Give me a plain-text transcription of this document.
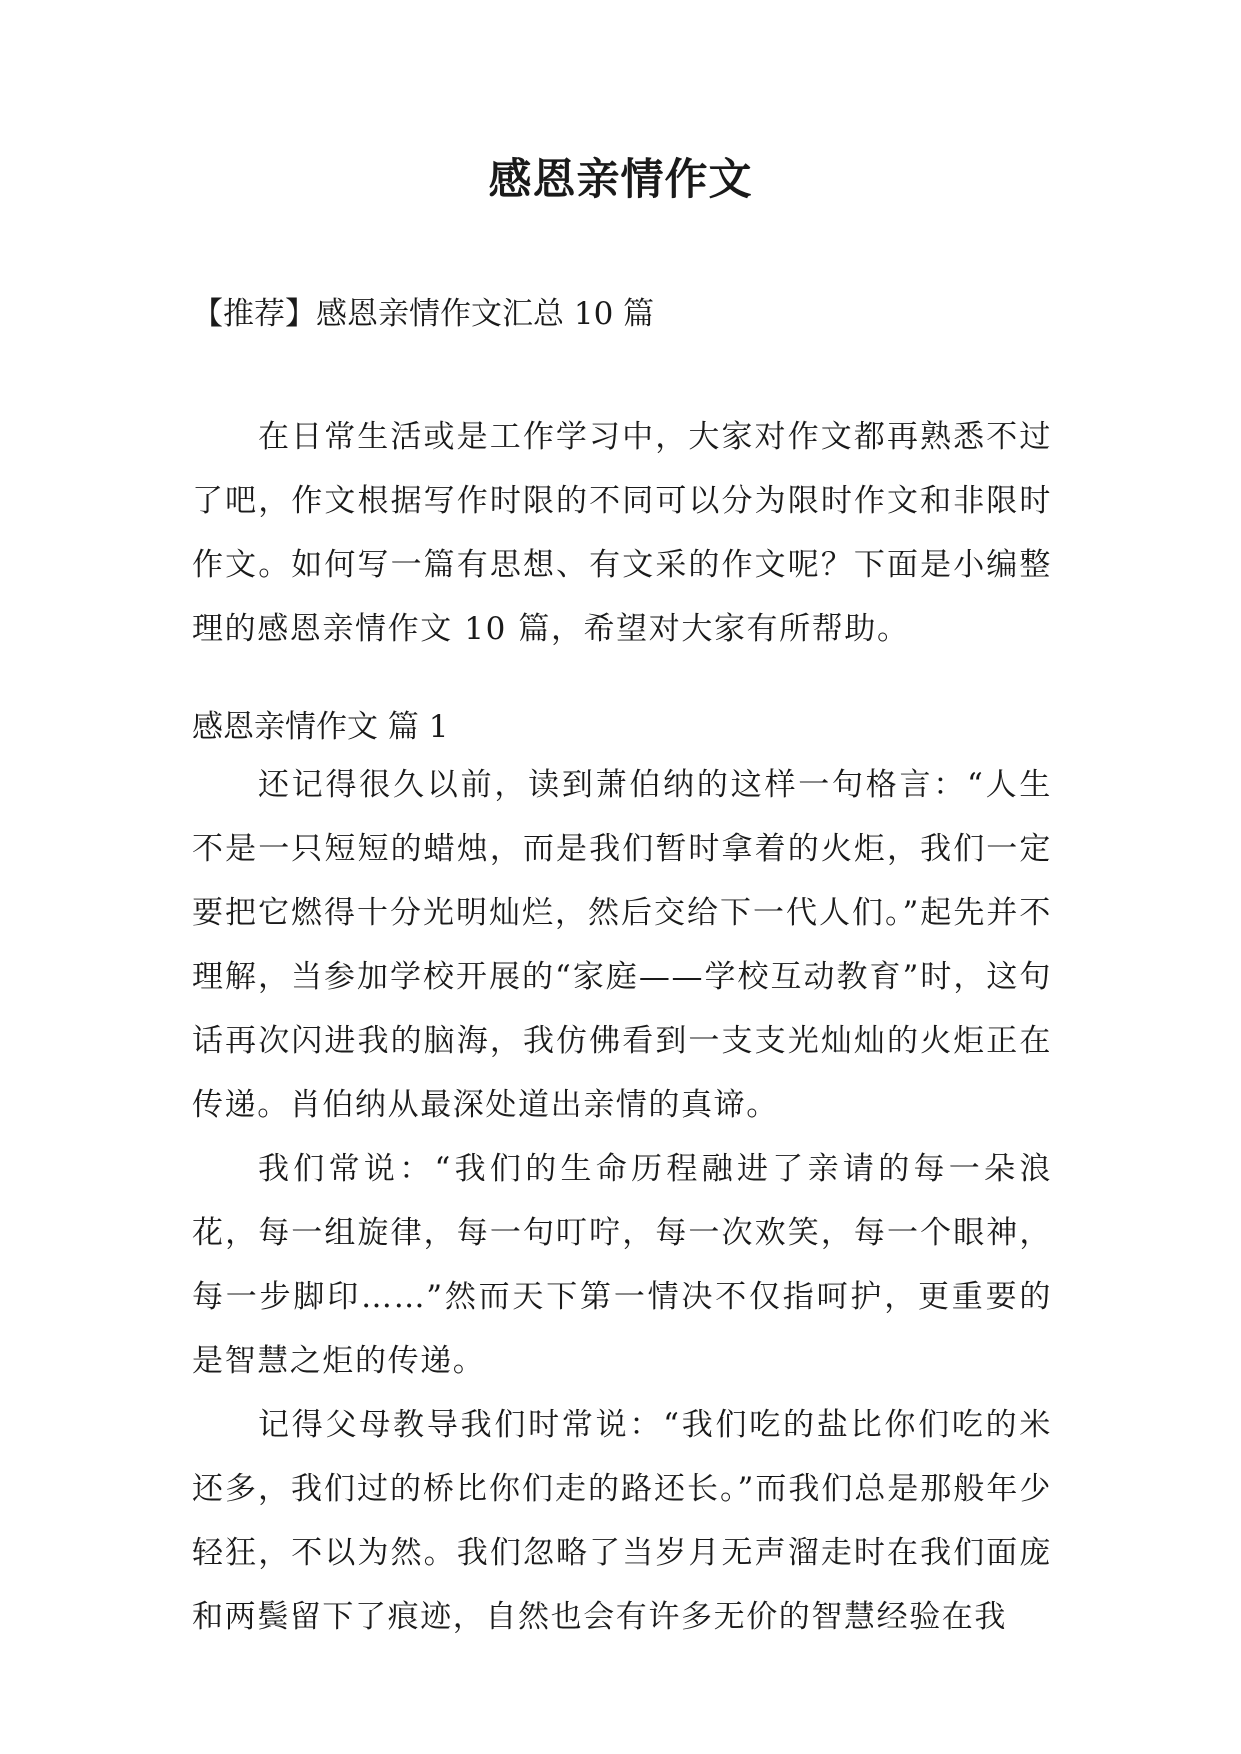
感恩亲情作文
【推荐】感恩亲情作文汇总 10 篇

在日常生活或是工作学习中，大家对作文都再熟悉不过了吧，作文根据写作时限的不同可以分为限时作文和非限时作文。如何写一篇有思想、有文采的作文呢？下面是小编整理的感恩亲情作文 10 篇，希望对大家有所帮助。

感恩亲情作文 篇 1

还记得很久以前，读到萧伯纳的这样一句格言：“人生不是一只短短的蜡烛，而是我们暂时拿着的火炬，我们一定要把它燃得十分光明灿烂，然后交给下一代人们。”起先并不理解，当参加学校开展的“家庭——学校互动教育”时，这句话再次闪进我的脑海，我仿佛看到一支支光灿灿的火炬正在传递。肖伯纳从最深处道出亲情的真谛。

我们常说：“我们的生命历程融进了亲请的每一朵浪花，每一组旋律，每一句叮咛，每一次欢笑，每一个眼神，每一步脚印……”然而天下第一情决不仅指呵护，更重要的是智慧之炬的传递。

记得父母教导我们时常说：“我们吃的盐比你们吃的米还多，我们过的桥比你们走的路还长。”而我们总是那般年少轻狂，不以为然。我们忽略了当岁月无声溜走时在我们面庞和两鬓留下了痕迹，自然也会有许多无价的智慧经验在我
